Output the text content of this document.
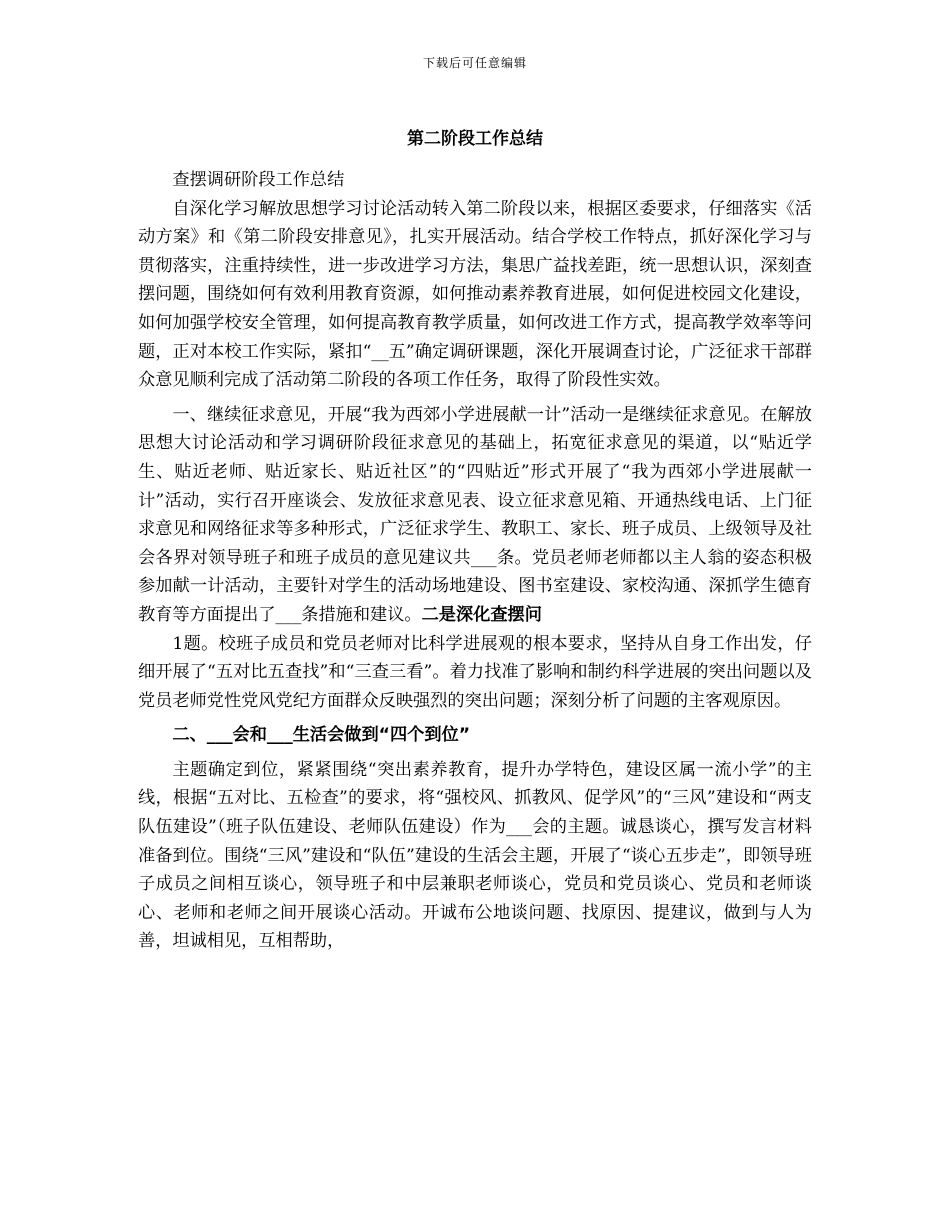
下载后可任意编辑
第二阶段工作总结

查摆调研阶段工作总结

自深化学习解放思想学习讨论活动转入第二阶段以来，根据区委要求，仔细落实《活动方案》和《第二阶段安排意见》，扎实开展活动。结合学校工作特点，抓好深化学习与贯彻落实，注重持续性，进一步改进学习方法，集思广益找差距，统一思想认识，深刻查摆问题，围绕如何有效利用教育资源，如何推动素养教育进展，如何促进校园文化建设，如何加强学校安全管理，如何提高教育教学质量，如何改进工作方式，提高教学效率等问题，正对本校工作实际，紧扣“__五”确定调研课题，深化开展调查讨论，广泛征求干部群众意见顺利完成了活动第二阶段的各项工作任务，取得了阶段性实效。

一、继续征求意见，开展“我为西郊小学进展献一计”活动一是继续征求意见。在解放思想大讨论活动和学习调研阶段征求意见的基础上，拓宽征求意见的渠道，以“贴近学生、贴近老师、贴近家长、贴近社区”的“四贴近”形式开展了“我为西郊小学进展献一计”活动，实行召开座谈会、发放征求意见表、设立征求意见箱、开通热线电话、上门征求意见和网络征求等多种形式，广泛征求学生、教职工、家长、班子成员、上级领导及社会各界对领导班子和班子成员的意见建议共___条。党员老师老师都以主人翁的姿态积极参加献一计活动，主要针对学生的活动场地建设、图书室建设、家校沟通、深抓学生德育教育等方面提出了___条措施和建议。二是深化查摆问

1题。校班子成员和党员老师对比科学进展观的根本要求，坚持从自身工作出发，仔细开展了“五对比五查找”和“三查三看”。着力找准了影响和制约科学进展的突出问题以及党员老师党性党风党纪方面群众反映强烈的突出问题；深刻分析了问题的主客观原因。

二、___会和___生活会做到“四个到位”

主题确定到位，紧紧围绕“突出素养教育，提升办学特色，建设区属一流小学”的主线，根据“五对比、五检查”的要求，将“强校风、抓教风、促学风”的“三风”建设和“两支队伍建设”（班子队伍建设、老师队伍建设）作为___会的主题。诚恳谈心，撰写发言材料准备到位。围绕“三风”建设和“队伍”建设的生活会主题，开展了“谈心五步走”，即领导班子成员之间相互谈心，领导班子和中层兼职老师谈心，党员和党员谈心、党员和老师谈心、老师和老师之间开展谈心活动。开诚布公地谈问题、找原因、提建议，做到与人为善，坦诚相见，互相帮助，
